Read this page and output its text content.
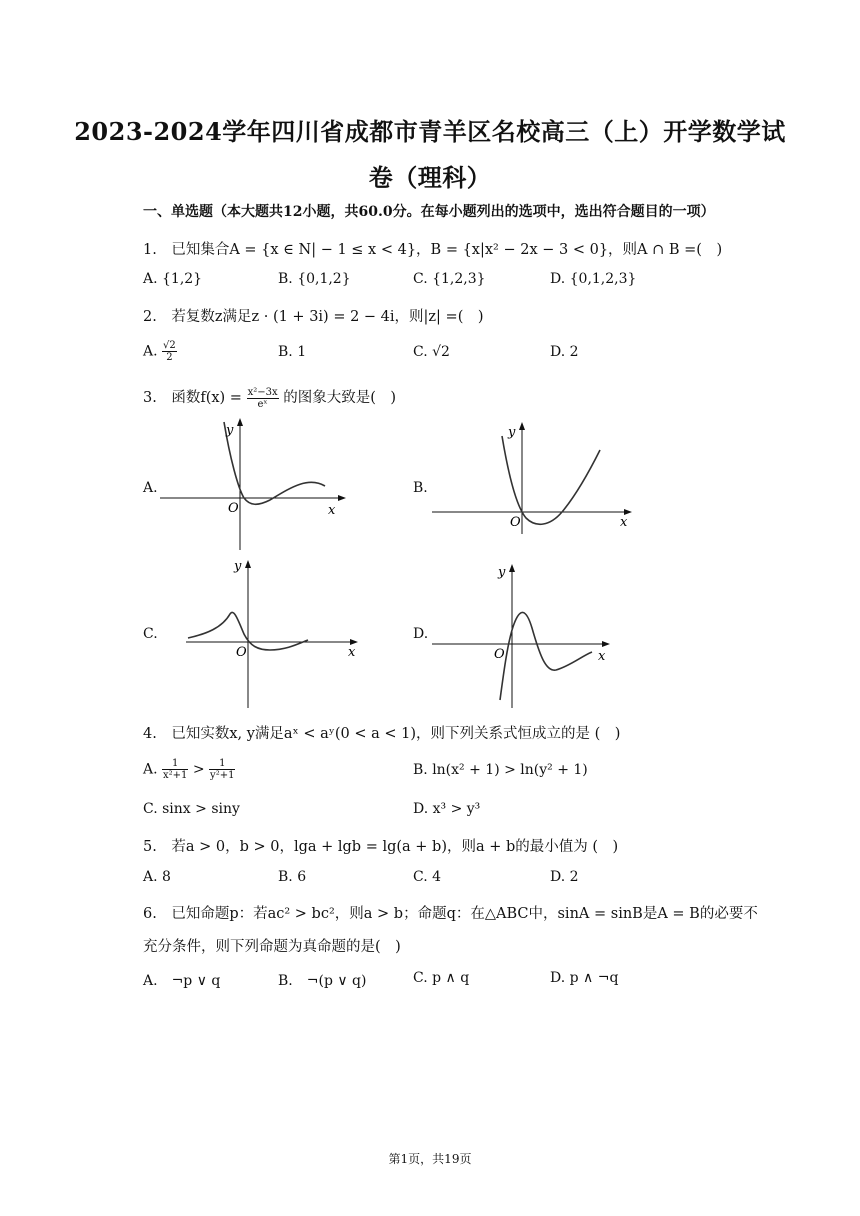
2023-2024学年四川省成都市青羊区名校高三（上）开学数学试
卷（理科）
一、单选题（本大题共12小题，共60.0分。在每小题列出的选项中，选出符合题目的一项）
1.　已知集合A = {x ∈ N| − 1 ≤ x < 4}，B = {x|x² − 2x − 3 < 0}，则A ∩ B =(　)
A. {1,2}	B. {0,1,2}	C. {1,2,3}	D. {0,1,2,3}
2.　若复数z满足z · (1 + 3i) = 2 − 4i，则|z| =(　)
A. $\frac{√2}{2}$	B. 1	C. √2	D. 2
3.　函数$f(x) = \frac{\text{x²−3x}}{\text{eˣ}}$ 的图象大致是(　)
A.	B.
C.	D.
y
x
O
y
x
O
y
x
O
y
x
O
4.　已知实数x, y满足aˣ < aʸ(0 < a < 1)，则下列关系式恒成立的是 (　)
A. $\frac{1}{\text{x²+1}} > \frac{1}{\text{y²+1}}$	B. ln(x² + 1) > ln(y² + 1)
C. sinx > siny	D. x³ > y³
5.　若a > 0，b > 0，lga + lgb = lg(a + b)，则a + b的最小值为 (　)
A. 8	B. 6	C. 4	D. 2
6.　已知命题p：若ac² > bc²，则a > b；命题q：在△ABC中，sinA = sinB是A = B的必要不
充分条件，则下列命题为真命题的是(　)
A.　¬p ∨ q	B.　¬(p ∨ q)	C. p ∧ q	D. p ∧ ¬q
第1页，共19页
